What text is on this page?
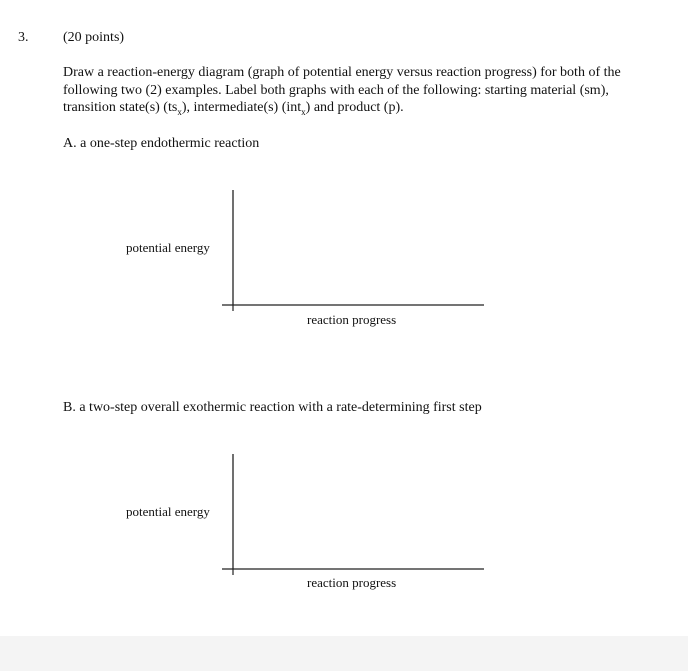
3. (20 points)
Draw a reaction-energy diagram (graph of potential energy versus reaction progress) for both of the following two (2) examples. Label both graphs with each of the following: starting material (sm), transition state(s) $(ts_x)$, intermediate(s) (int$_x$) and product (p).
A. a one-step endothermic reaction
potential energy
reaction progress
B. a two-step overall exothermic reaction with a rate-determining first step
potential energy
reaction progress
